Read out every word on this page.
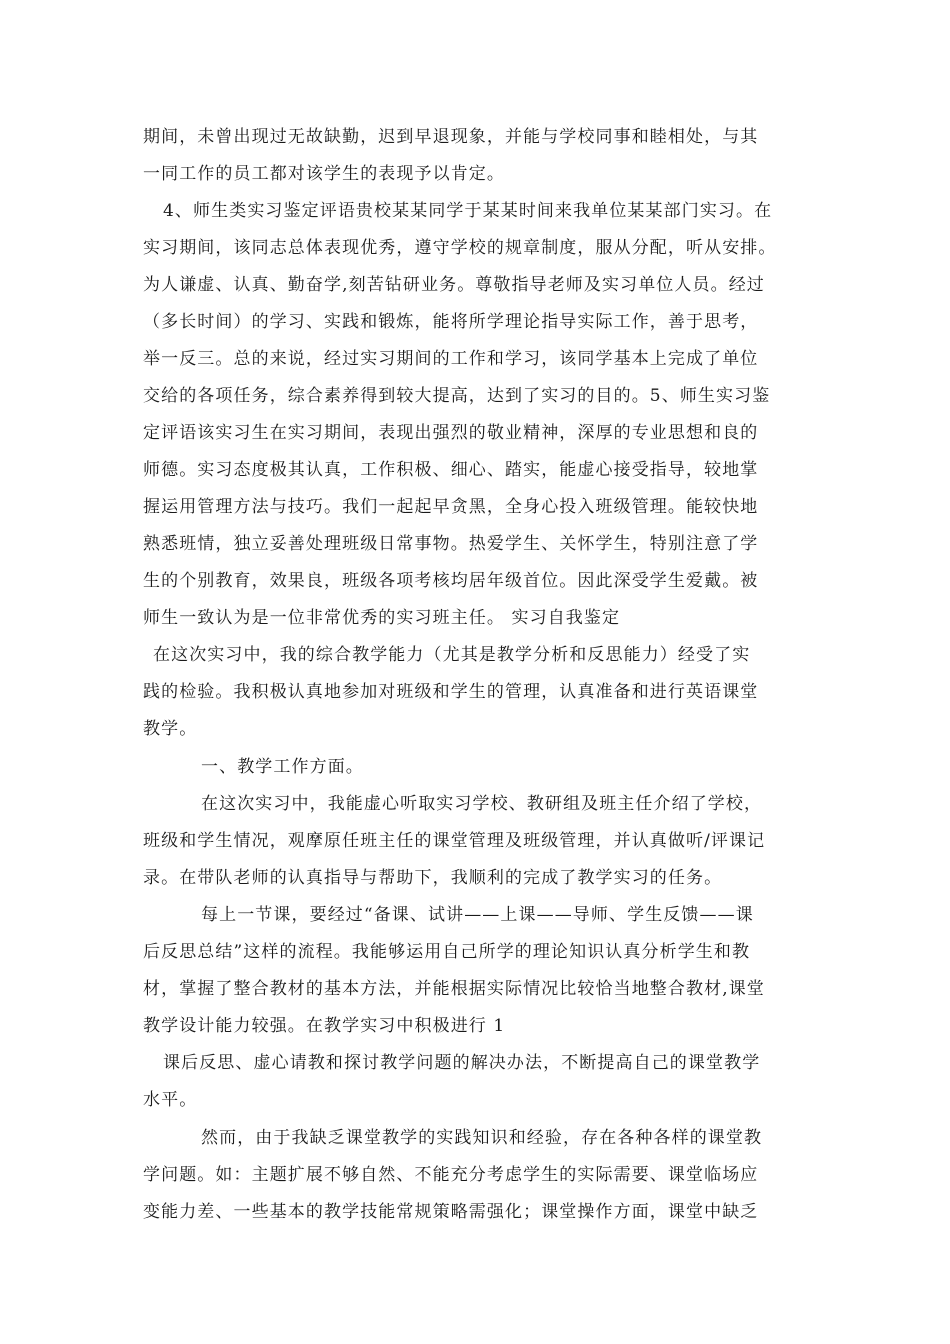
期间，未曾出现过无故缺勤，迟到早退现象，并能与学校同事和睦相处，与其
一同工作的员工都对该学生的表现予以肯定。
4、师生类实习鉴定评语贵校某某同学于某某时间来我单位某某部门实习。在
实习期间，该同志总体表现优秀，遵守学校的规章制度，服从分配，听从安排。
为人谦虚、认真、勤奋学,刻苦钻研业务。尊敬指导老师及实习单位人员。经过
（多长时间）的学习、实践和锻炼，能将所学理论指导实际工作，善于思考，
举一反三。总的来说，经过实习期间的工作和学习，该同学基本上完成了单位
交给的各项任务，综合素养得到较大提高，达到了实习的目的。5、师生实习鉴
定评语该实习生在实习期间，表现出强烈的敬业精神，深厚的专业思想和良的
师德。实习态度极其认真，工作积极、细心、踏实，能虚心接受指导，较地掌
握运用管理方法与技巧。我们一起起早贪黑，全身心投入班级管理。能较快地
熟悉班情，独立妥善处理班级日常事物。热爱学生、关怀学生，特别注意了学
生的个别教育，效果良，班级各项考核均居年级首位。因此深受学生爱戴。被
师生一致认为是一位非常优秀的实习班主任。 实习自我鉴定
在这次实习中，我的综合教学能力（尤其是教学分析和反思能力）经受了实
践的检验。我积极认真地参加对班级和学生的管理，认真准备和进行英语课堂
教学。
一、教学工作方面。
在这次实习中，我能虚心听取实习学校、教研组及班主任介绍了学校，
班级和学生情况，观摩原任班主任的课堂管理及班级管理，并认真做听/评课记
录。在带队老师的认真指导与帮助下，我顺利的完成了教学实习的任务。
每上一节课，要经过“备课、试讲——上课——导师、学生反馈——课
后反思总结”这样的流程。我能够运用自己所学的理论知识认真分析学生和教
材，掌握了整合教材的基本方法，并能根据实际情况比较恰当地整合教材,课堂
教学设计能力较强。在教学实习中积极进行 1
课后反思、虚心请教和探讨教学问题的解决办法，不断提高自己的课堂教学
水平。
然而，由于我缺乏课堂教学的实践知识和经验，存在各种各样的课堂教
学问题。如：主题扩展不够自然、不能充分考虑学生的实际需要、课堂临场应
变能力差、一些基本的教学技能常规策略需强化；课堂操作方面，课堂中缺乏
